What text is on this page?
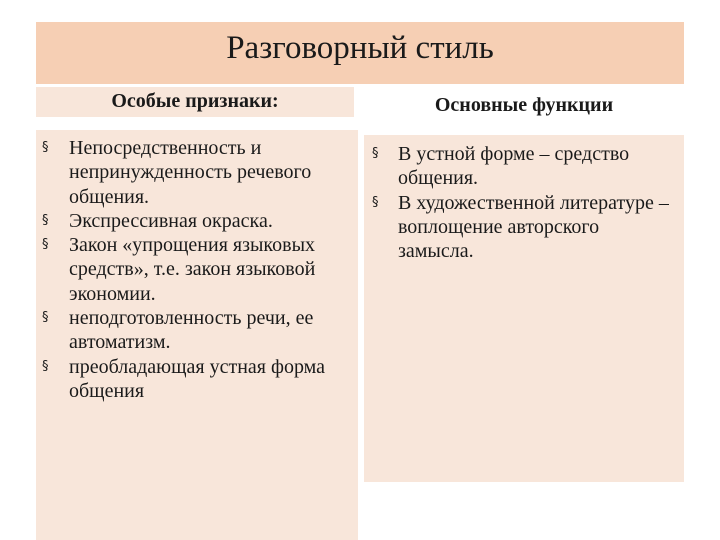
Разговорный стиль
Особые признаки:	Основные функции
§ Непосредственность и непринужденность речевого общения.
§ Экспрессивная окраска.
§ Закон «упрощения языковых средств», т.е. закон языковой экономии.
§ неподготовленность речи, ее автоматизм.
§ преобладающая устная форма общения
§ В устной форме – средство общения.
§ В художественной литературе – воплощение авторского замысла.
